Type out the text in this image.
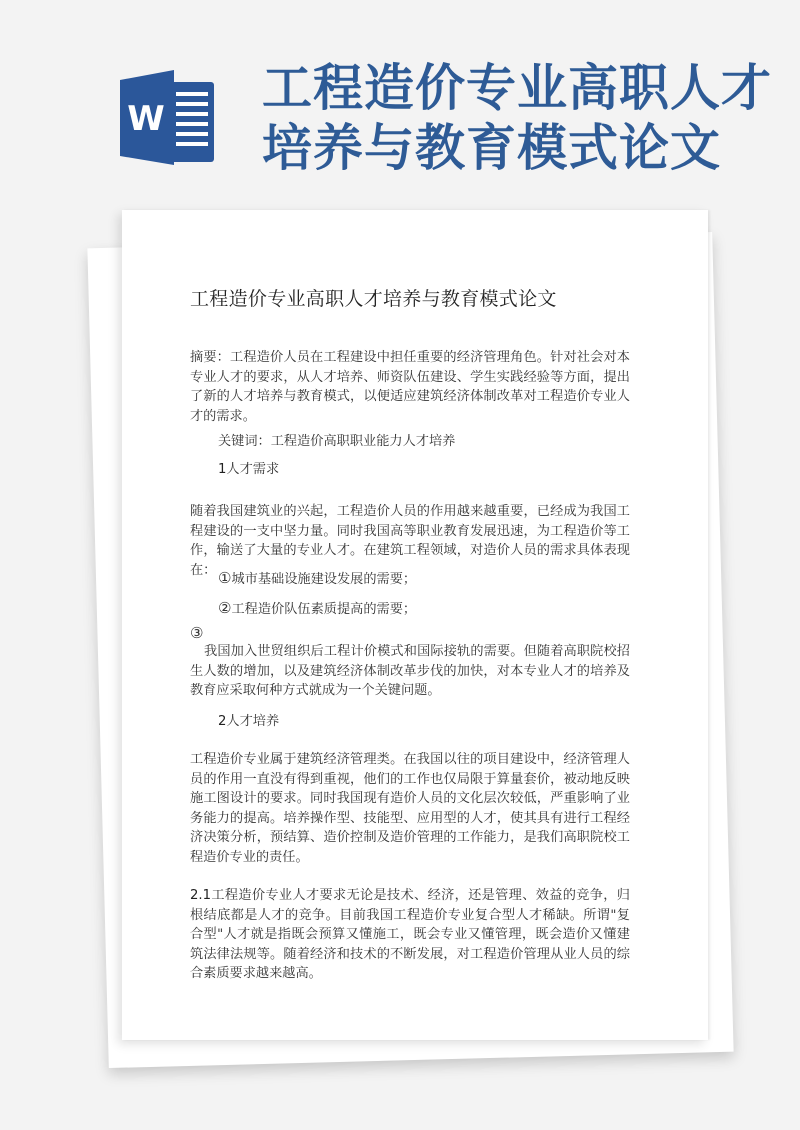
W
工程造价专业高职人才
培养与教育模式论文
工程造价专业高职人才培养与教育模式论文
摘要：工程造价人员在工程建设中担任重要的经济管理角色。针对社会对本专业人才的要求，从人才培养、师资队伍建设、学生实践经验等方面，提出了新的人才培养与教育模式，以便适应建筑经济体制改革对工程造价专业人才的需求。
关键词：工程造价高职职业能力人才培养
1人才需求
随着我国建筑业的兴起，工程造价人员的作用越来越重要，已经成为我国工程建设的一支中坚力量。同时我国高等职业教育发展迅速，为工程造价等工作，输送了大量的专业人才。在建筑工程领域，对造价人员的需求具体表现在： ①城市基础设施建设发展的需要；
②工程造价队伍素质提高的需要；
③
我国加入世贸组织后工程计价模式和国际接轨的需要。但随着高职院校招生人数的增加，以及建筑经济体制改革步伐的加快，对本专业人才的培养及教育应采取何种方式就成为一个关键问题。
2人才培养
工程造价专业属于建筑经济管理类。在我国以往的项目建设中，经济管理人员的作用一直没有得到重视，他们的工作也仅局限于算量套价，被动地反映施工图设计的要求。同时我国现有造价人员的文化层次较低，严重影响了业务能力的提高。培养操作型、技能型、应用型的人才，使其具有进行工程经济决策分析，预结算、造价控制及造价管理的工作能力，是我们高职院校工程造价专业的责任。
2.1工程造价专业人才要求无论是技术、经济，还是管理、效益的竞争，归根结底都是人才的竞争。目前我国工程造价专业复合型人才稀缺。所谓"复合型"人才就是指既会预算又懂施工，既会专业又懂管理，既会造价又懂建筑法律法规等。随着经济和技术的不断发展，对工程造价管理从业人员的综合素质要求越来越高。
